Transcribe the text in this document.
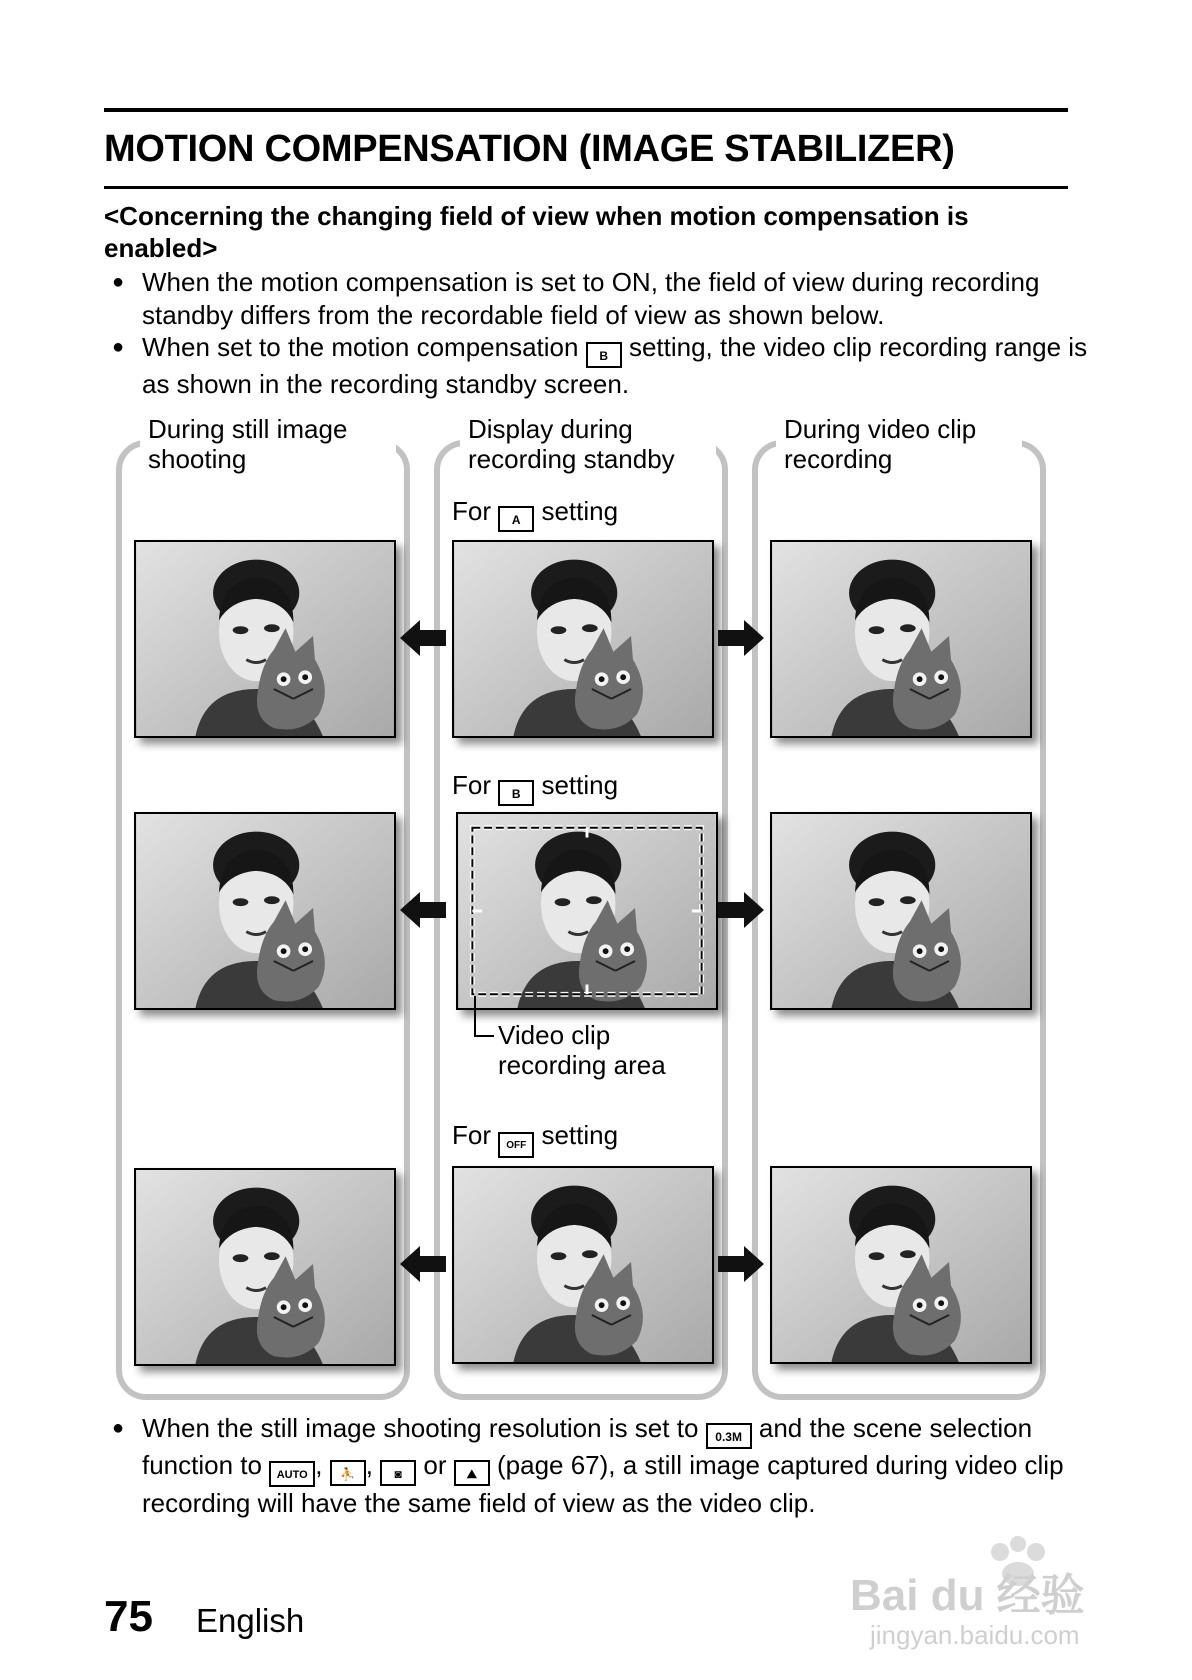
MOTION COMPENSATION (IMAGE STABILIZER)
<Concerning the changing field of view when motion compensation is enabled>
● When the motion compensation is set to ON, the field of view during recording standby differs from the recordable field of view as shown below.
● When set to the motion compensation B setting, the video clip recording range is as shown in the recording standby screen.
During still image shooting
Display during recording standby
During video clip recording
For A setting
For B setting
For OFF setting
Video clip recording area
● When the still image shooting resolution is set to 0.3M and the scene selection function to AUTO , ⛹ , ◙ or ⛰ (page 67), a still image captured during video clip recording will have the same field of view as the video clip.
75 English
Bai du 经验
jingyan.baidu.com
